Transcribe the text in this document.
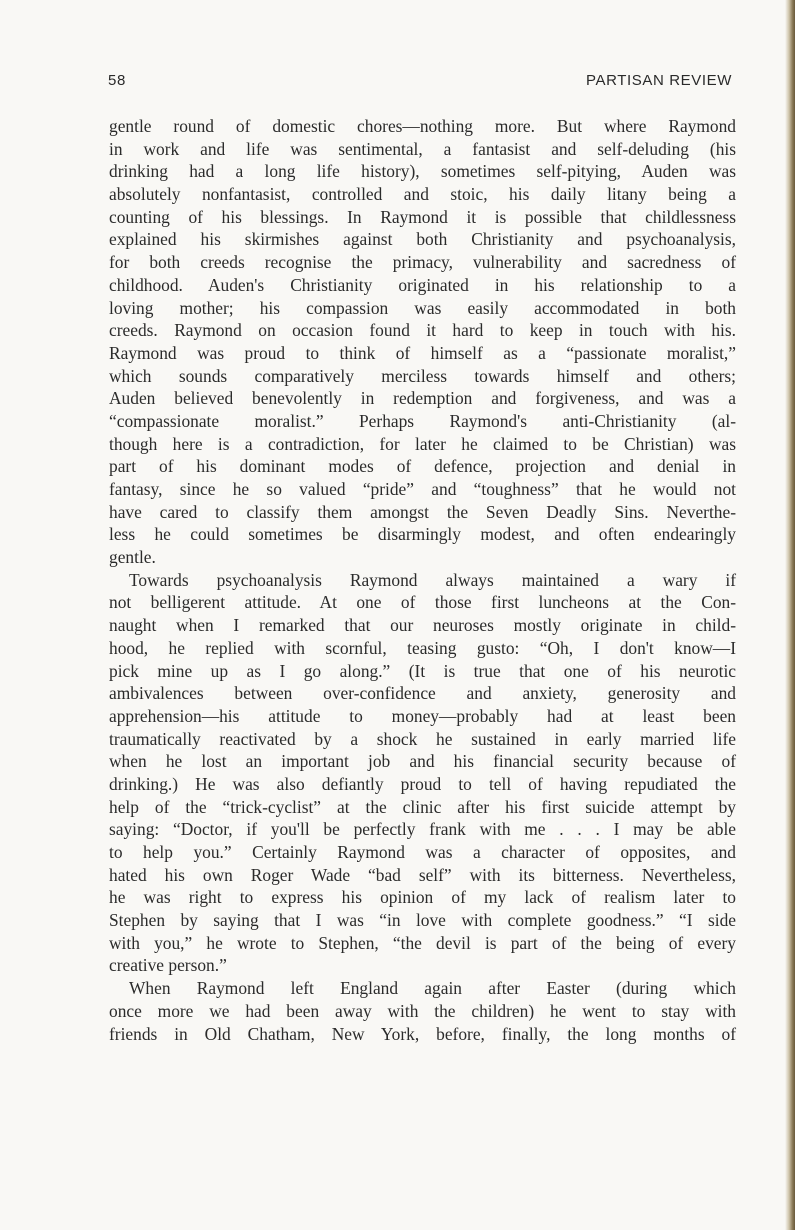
58	PARTISAN REVIEW
gentle round of domestic chores—nothing more. But where Raymond
in work and life was sentimental, a fantasist and self-deluding (his
drinking had a long life history), sometimes self-pitying, Auden was
absolutely nonfantasist, controlled and stoic, his daily litany being a
counting of his blessings. In Raymond it is possible that childlessness
explained his skirmishes against both Christianity and psychoanalysis,
for both creeds recognise the primacy, vulnerability and sacredness of
childhood. Auden's Christianity originated in his relationship to a
loving mother; his compassion was easily accommodated in both
creeds. Raymond on occasion found it hard to keep in touch with his.
Raymond was proud to think of himself as a “passionate moralist,”
which sounds comparatively merciless towards himself and others;
Auden believed benevolently in redemption and forgiveness, and was a
“compassionate moralist.” Perhaps Raymond's anti-Christianity (al-
though here is a contradiction, for later he claimed to be Christian) was
part of his dominant modes of defence, projection and denial in
fantasy, since he so valued “pride” and “toughness” that he would not
have cared to classify them amongst the Seven Deadly Sins. Neverthe-
less he could sometimes be disarmingly modest, and often endearingly
gentle.
Towards psychoanalysis Raymond always maintained a wary if
not belligerent attitude. At one of those first luncheons at the Con-
naught when I remarked that our neuroses mostly originate in child-
hood, he replied with scornful, teasing gusto: “Oh, I don't know—I
pick mine up as I go along.” (It is true that one of his neurotic
ambivalences between over-confidence and anxiety, generosity and
apprehension—his attitude to money—probably had at least been
traumatically reactivated by a shock he sustained in early married life
when he lost an important job and his financial security because of
drinking.) He was also defiantly proud to tell of having repudiated the
help of the “trick-cyclist” at the clinic after his first suicide attempt by
saying: “Doctor, if you'll be perfectly frank with me . . . I may be able
to help you.” Certainly Raymond was a character of opposites, and
hated his own Roger Wade “bad self” with its bitterness. Nevertheless,
he was right to express his opinion of my lack of realism later to
Stephen by saying that I was “in love with complete goodness.” “I side
with you,” he wrote to Stephen, “the devil is part of the being of every
creative person.”
When Raymond left England again after Easter (during which
once more we had been away with the children) he went to stay with
friends in Old Chatham, New York, before, finally, the long months of
